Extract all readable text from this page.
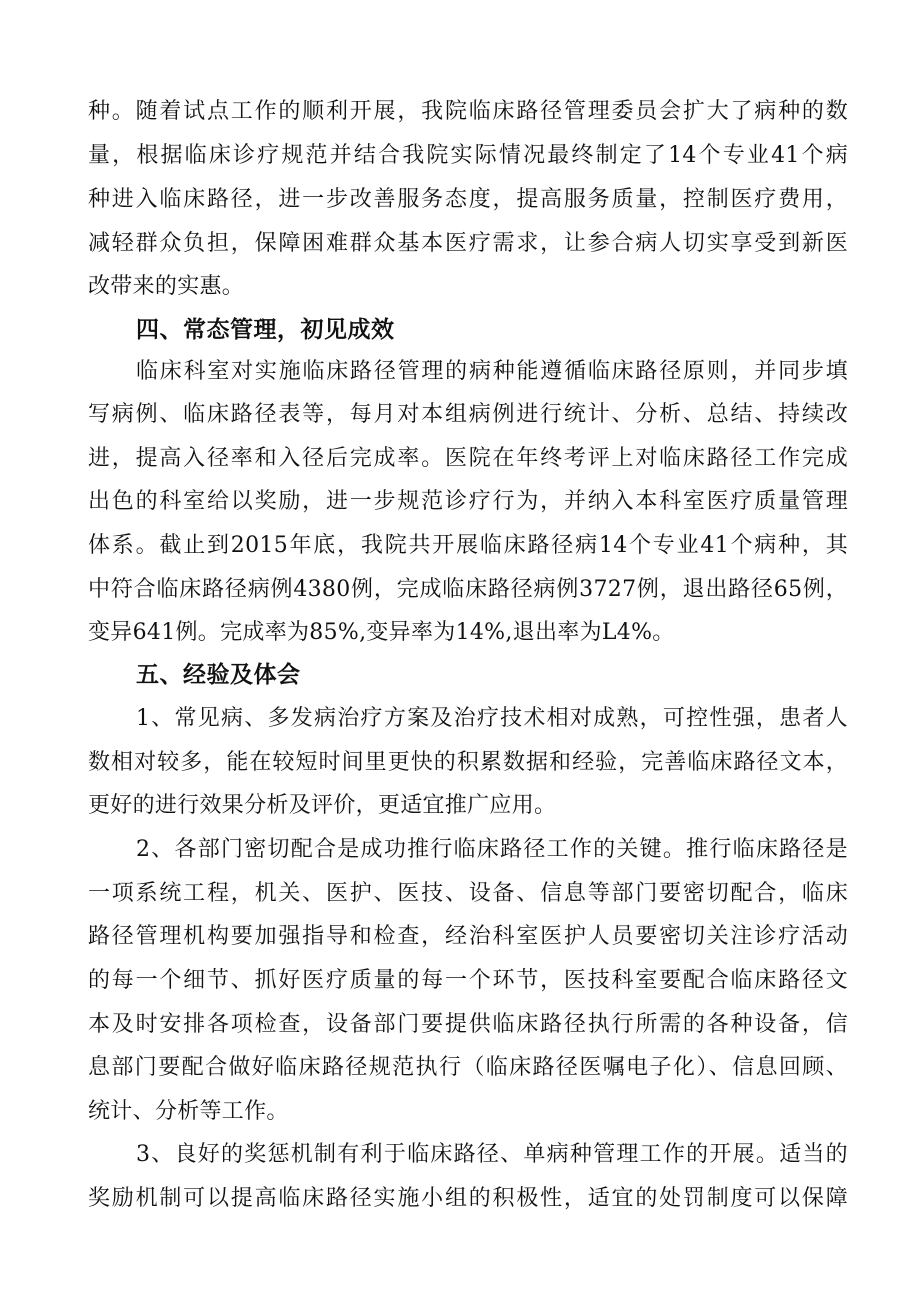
种。随着试点工作的顺利开展，我院临床路径管理委员会扩大了病种的数
量，根据临床诊疗规范并结合我院实际情况最终制定了14个专业41个病
种进入临床路径，进一步改善服务态度，提高服务质量，控制医疗费用，
减轻群众负担，保障困难群众基本医疗需求，让参合病人切实享受到新医
改带来的实惠。
四、常态管理，初见成效
临床科室对实施临床路径管理的病种能遵循临床路径原则，并同步填
写病例、临床路径表等，每月对本组病例进行统计、分析、总结、持续改
进，提高入径率和入径后完成率。医院在年终考评上对临床路径工作完成
出色的科室给以奖励，进一步规范诊疗行为，并纳入本科室医疗质量管理
体系。截止到2015年底，我院共开展临床路径病14个专业41个病种，其
中符合临床路径病例4380例，完成临床路径病例3727例，退出路径65例，
变异641例。完成率为85%,变异率为14%,退出率为L4%。
五、经验及体会
1、常见病、多发病治疗方案及治疗技术相对成熟，可控性强，患者人
数相对较多，能在较短时间里更快的积累数据和经验，完善临床路径文本，
更好的进行效果分析及评价，更适宜推广应用。
2、各部门密切配合是成功推行临床路径工作的关键。推行临床路径是
一项系统工程，机关、医护、医技、设备、信息等部门要密切配合，临床
路径管理机构要加强指导和检查，经治科室医护人员要密切关注诊疗活动
的每一个细节、抓好医疗质量的每一个环节，医技科室要配合临床路径文
本及时安排各项检查，设备部门要提供临床路径执行所需的各种设备，信
息部门要配合做好临床路径规范执行（临床路径医嘱电子化）、信息回顾、
统计、分析等工作。
3、良好的奖惩机制有利于临床路径、单病种管理工作的开展。适当的
奖励机制可以提高临床路径实施小组的积极性，适宜的处罚制度可以保障
